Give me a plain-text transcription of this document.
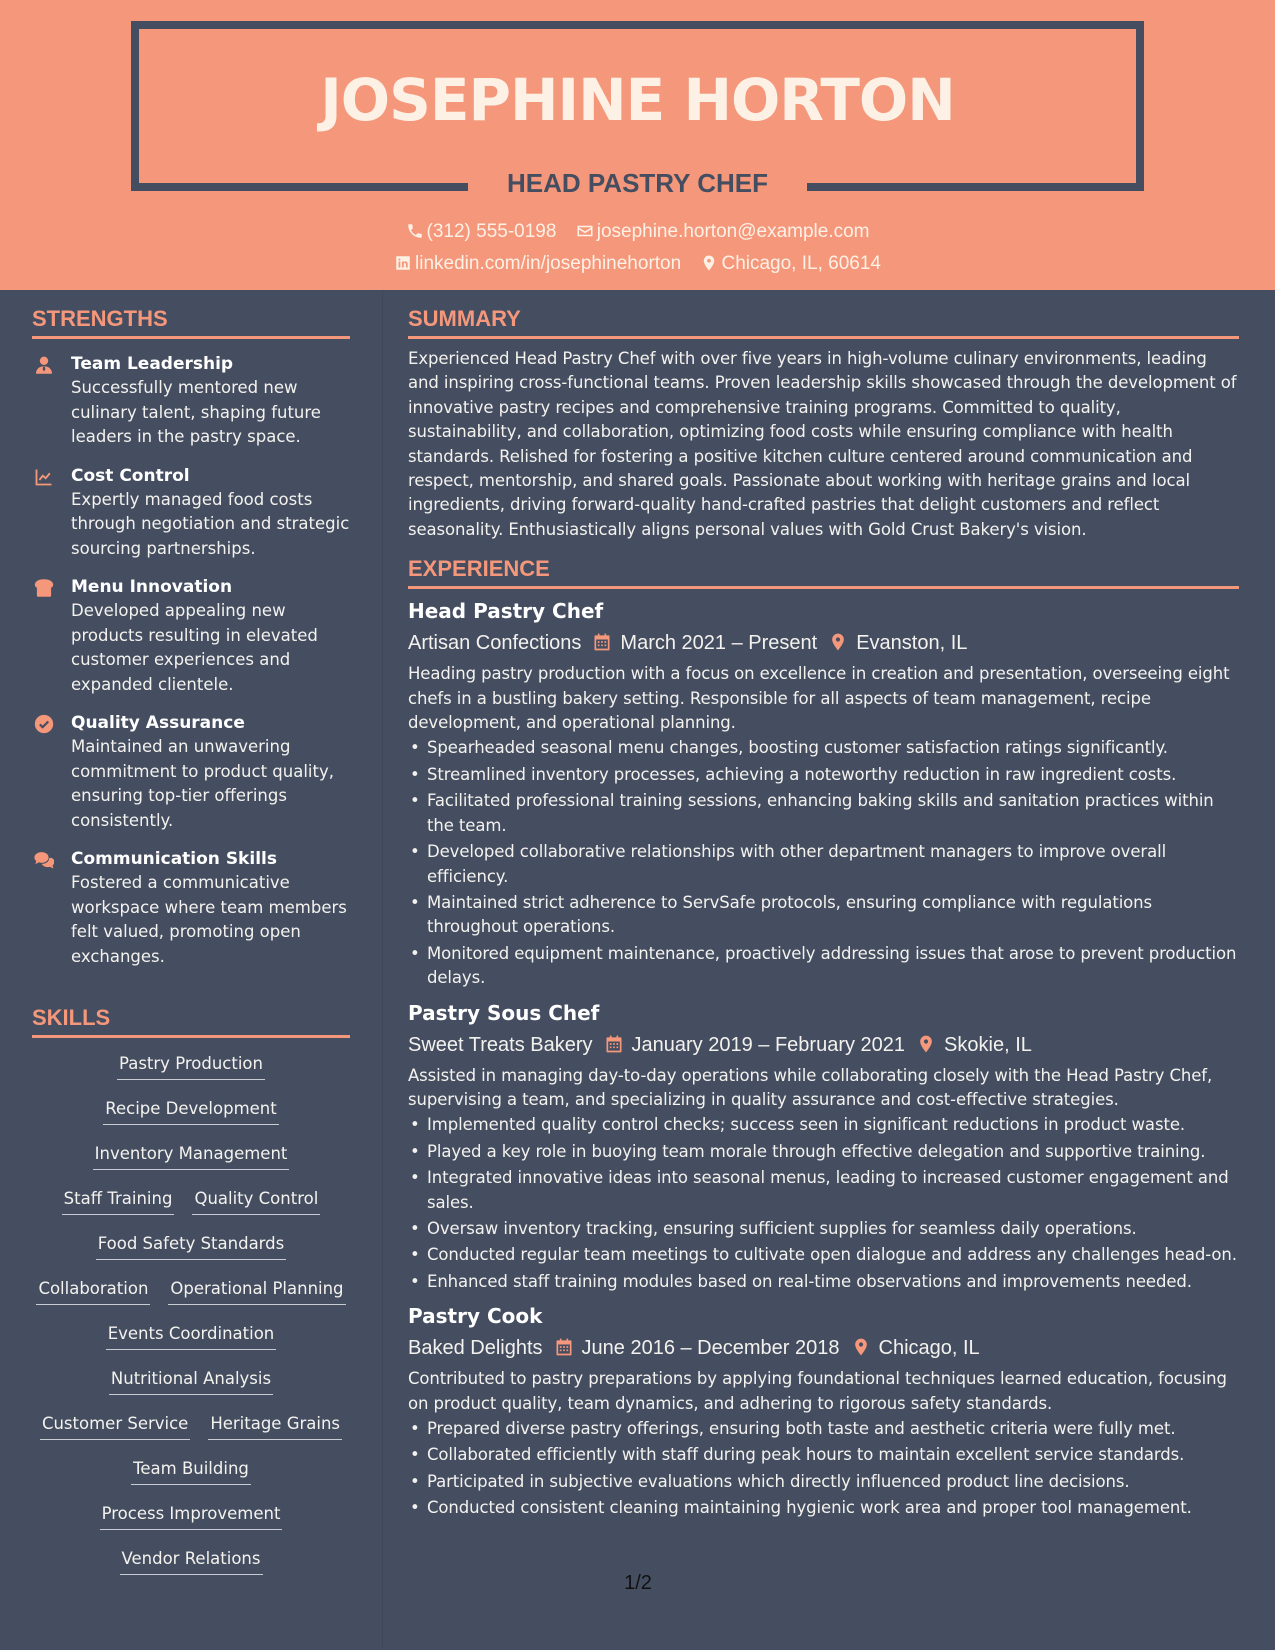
JOSEPHINE HORTON
HEAD PASTRY CHEF
(312) 555-0198 josephine.horton@example.com
linkedin.com/in/josephinehorton Chicago, IL, 60614
STRENGTHS
Team Leadership
Successfully mentored new culinary talent, shaping future leaders in the pastry space.
Cost Control
Expertly managed food costs through negotiation and strategic sourcing partnerships.
Menu Innovation
Developed appealing new products resulting in elevated customer experiences and expanded clientele.
Quality Assurance
Maintained an unwavering commitment to product quality, ensuring top-tier offerings consistently.
Communication Skills
Fostered a communicative workspace where team members felt valued, promoting open exchanges.
SKILLS
Pastry Production
Recipe Development
Inventory Management
Staff Training Quality Control
Food Safety Standards
Collaboration Operational Planning
Events Coordination
Nutritional Analysis
Customer Service Heritage Grains
Team Building
Process Improvement
Vendor Relations
SUMMARY
Experienced Head Pastry Chef with over five years in high-volume culinary environments, leading and inspiring cross-functional teams. Proven leadership skills showcased through the development of innovative pastry recipes and comprehensive training programs. Committed to quality, sustainability, and collaboration, optimizing food costs while ensuring compliance with health standards. Relished for fostering a positive kitchen culture centered around communication and respect, mentorship, and shared goals. Passionate about working with heritage grains and local ingredients, driving forward-quality hand-crafted pastries that delight customers and reflect seasonality. Enthusiastically aligns personal values with Gold Crust Bakery's vision.
EXPERIENCE
Head Pastry Chef
Artisan Confections March 2021 – Present Evanston, IL
Heading pastry production with a focus on excellence in creation and presentation, overseeing eight chefs in a bustling bakery setting. Responsible for all aspects of team management, recipe development, and operational planning.
• Spearheaded seasonal menu changes, boosting customer satisfaction ratings significantly.
• Streamlined inventory processes, achieving a noteworthy reduction in raw ingredient costs.
• Facilitated professional training sessions, enhancing baking skills and sanitation practices within the team.
• Developed collaborative relationships with other department managers to improve overall efficiency.
• Maintained strict adherence to ServSafe protocols, ensuring compliance with regulations throughout operations.
• Monitored equipment maintenance, proactively addressing issues that arose to prevent production delays.
Pastry Sous Chef
Sweet Treats Bakery January 2019 – February 2021 Skokie, IL
Assisted in managing day-to-day operations while collaborating closely with the Head Pastry Chef, supervising a team, and specializing in quality assurance and cost-effective strategies.
• Implemented quality control checks; success seen in significant reductions in product waste.
• Played a key role in buoying team morale through effective delegation and supportive training.
• Integrated innovative ideas into seasonal menus, leading to increased customer engagement and sales.
• Oversaw inventory tracking, ensuring sufficient supplies for seamless daily operations.
• Conducted regular team meetings to cultivate open dialogue and address any challenges head-on.
• Enhanced staff training modules based on real-time observations and improvements needed.
Pastry Cook
Baked Delights June 2016 – December 2018 Chicago, IL
Contributed to pastry preparations by applying foundational techniques learned education, focusing on product quality, team dynamics, and adhering to rigorous safety standards.
• Prepared diverse pastry offerings, ensuring both taste and aesthetic criteria were fully met.
• Collaborated efficiently with staff during peak hours to maintain excellent service standards.
• Participated in subjective evaluations which directly influenced product line decisions.
• Conducted consistent cleaning maintaining hygienic work area and proper tool management.
1/2
